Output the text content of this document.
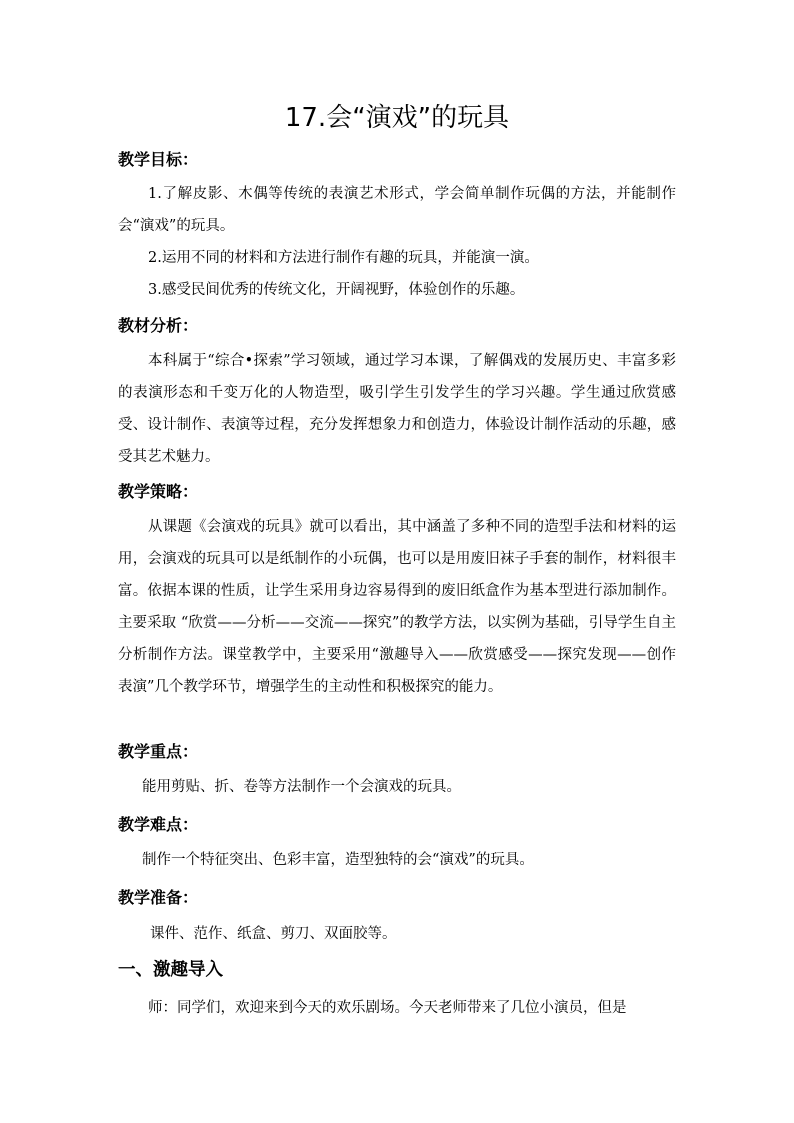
17.会“演戏”的玩具
教学目标：

1.了解皮影、木偶等传统的表演艺术形式，学会简单制作玩偶的方法，并能制作会“演戏”的玩具。

2.运用不同的材料和方法进行制作有趣的玩具，并能演一演。

3.感受民间优秀的传统文化，开阔视野，体验创作的乐趣。

教材分析：

本科属于“综合•探索”学习领域，通过学习本课，了解偶戏的发展历史、丰富多彩的表演形态和千变万化的人物造型，吸引学生引发学生的学习兴趣。学生通过欣赏感受、设计制作、表演等过程，充分发挥想象力和创造力，体验设计制作活动的乐趣，感受其艺术魅力。

教学策略：

从课题《会演戏的玩具》就可以看出，其中涵盖了多种不同的造型手法和材料的运用，会演戏的玩具可以是纸制作的小玩偶，也可以是用废旧袜子手套的制作，材料很丰富。依据本课的性质，让学生采用身边容易得到的废旧纸盒作为基本型进行添加制作。主要采取 “欣赏——分析——交流——探究”的教学方法，以实例为基础，引导学生自主分析制作方法。课堂教学中，主要采用“激趣导入——欣赏感受——探究发现——创作表演”几个教学环节，增强学生的主动性和积极探究的能力。

教学重点：

能用剪贴、折、卷等方法制作一个会演戏的玩具。

教学难点：

制作一个特征突出、色彩丰富，造型独特的会“演戏”的玩具。

教学准备：

课件、范作、纸盒、剪刀、双面胶等。

一、激趣导入

师：同学们，欢迎来到今天的欢乐剧场。今天老师带来了几位小演员，但是
